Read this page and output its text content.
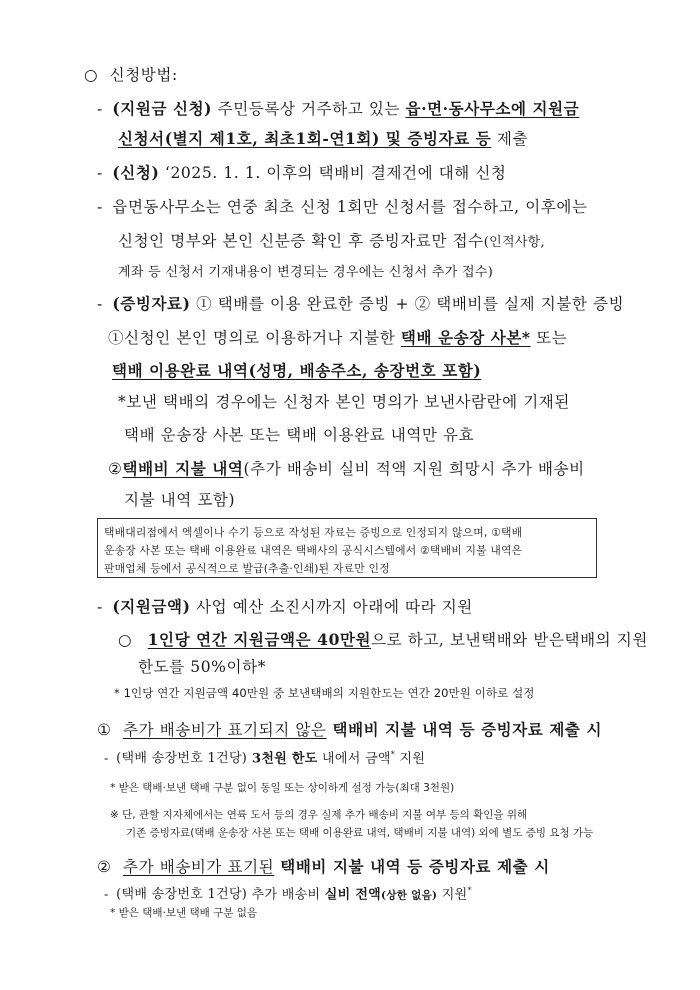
○ 신청방법:
- (지원금 신청) 주민등록상 거주하고 있는 읍·면·동사무소에 지원금
신청서(별지 제1호, 최초1회-연1회) 및 증빙자료 등 제출
- (신청) ‘2025. 1. 1. 이후의 택배비 결제건에 대해 신청
- 읍면동사무소는 연중 최초 신청 1회만 신청서를 접수하고, 이후에는
신청인 명부와 본인 신분증 확인 후 증빙자료만 접수(인적사항,
계좌 등 신청서 기재내용이 변경되는 경우에는 신청서 추가 접수)
- (증빙자료) ① 택배를 이용 완료한 증빙 + ② 택배비를 실제 지불한 증빙
①신청인 본인 명의로 이용하거나 지불한 택배 운송장 사본* 또는
택배 이용완료 내역(성명, 배송주소, 송장번호 포함)
*보낸 택배의 경우에는 신청자 본인 명의가 보낸사람란에 기재된
택배 운송장 사본 또는 택배 이용완료 내역만 유효
②택배비 지불 내역(추가 배송비 실비 적액 지원 희망시 추가 배송비
지불 내역 포함)
택배대리점에서 엑셀이나 수기 등으로 작성된 자료는 증빙으로 인정되지 않으며, ①택배
운송장 사본 또는 택배 이용완료 내역은 택배사의 공식시스템에서 ②택배비 지불 내역은
판매업체 등에서 공식적으로 발급(추출·인쇄)된 자료만 인정
- (지원금액) 사업 예산 소진시까지 아래에 따라 지원
○ 1인당 연간 지원금액은 40만원으로 하고, 보낸택배와 받은택배의 지원
한도를 50%이하*
* 1인당 연간 지원금액 40만원 중 보낸택배의 지원한도는 연간 20만원 이하로 설정
① 추가 배송비가 표기되지 않은 택배비 지불 내역 등 증빙자료 제출 시
- (택배 송장번호 1건당) 3천원 한도 내에서 금액* 지원
* 받은 택배·보낸 택배 구분 없이 동일 또는 상이하게 설정 가능(최대 3천원)
※ 단, 관할 지자체에서는 연륙 도서 등의 경우 실제 추가 배송비 지불 여부 등의 확인을 위해
기존 증빙자료(택배 운송장 사본 또는 택배 이용완료 내역, 택배비 지불 내역) 외에 별도 증빙 요청 가능
② 추가 배송비가 표기된 택배비 지불 내역 등 증빙자료 제출 시
- (택배 송장번호 1건당) 추가 배송비 실비 전액(상한 없음) 지원*
* 받은 택배·보낸 택배 구분 없음
